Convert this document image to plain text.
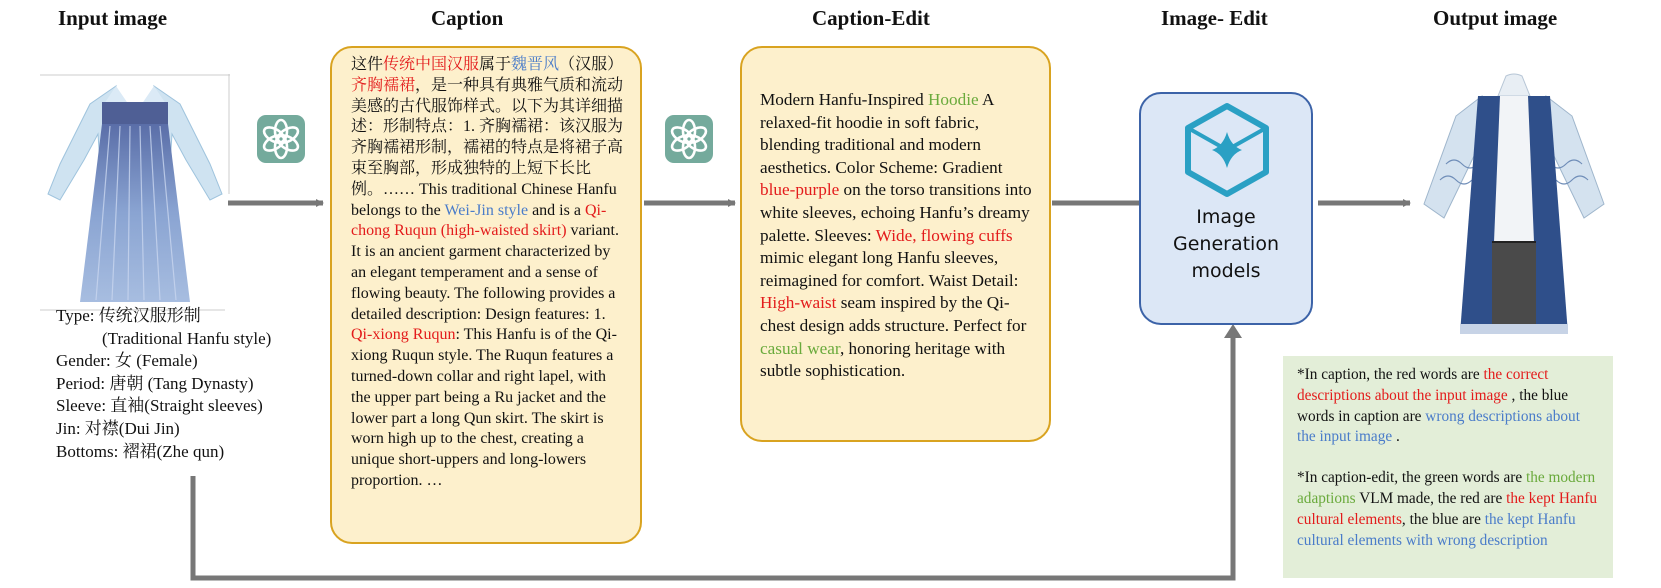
Input image	Caption	Caption-Edit	Image- Edit	Output image
Type: 传统汉服形制
(Traditional Hanfu style)
Gender: 女 (Female)
Period: 唐朝 (Tang Dynasty)
Sleeve: 直袖(Straight sleeves)
Jin: 对襟(Dui Jin)
Bottoms: 褶裙(Zhe qun)
这件传统中国汉服属于魏晋风（汉服）齐胸襦裙，是一种具有典雅气质和流动美感的古代服饰样式。以下为其详细描述：形制特点：1. 齐胸襦裙：该汉服为齐胸襦裙形制，襦裙的特点是将裙子高束至胸部，形成独特的上短下长比例。…… This traditional Chinese Hanfu belongs to the Wei-Jin style and is a Qi-chong Ruqun (high-waisted skirt) variant. It is an ancient garment characterized by an elegant temperament and a sense of flowing beauty. The following provides a detailed description: Design features: 1. Qi-xiong Ruqun: This Hanfu is of the Qi-xiong Ruqun style. The Ruqun features a turned-down collar and right lapel, with the upper part being a Ru jacket and the lower part a long Qun skirt. The skirt is worn high up to the chest, creating a unique short-uppers and long-lowers proportion. …
Modern Hanfu-Inspired Hoodie A relaxed-fit hoodie in soft fabric, blending traditional and modern aesthetics. Color Scheme: Gradient blue-purple on the torso transitions into white sleeves, echoing Hanfu’s dreamy palette. Sleeves: Wide, flowing cuffs mimic elegant long Hanfu sleeves, reimagined for comfort. Waist Detail: High-waist seam inspired by the Qi-chest design adds structure. Perfect for casual wear, honoring heritage with subtle sophistication.
Image Generation models

*In caption, the red words are the correct descriptions about the input image , the blue words in caption are wrong descriptions about the input image .

*In caption-edit, the green words are the modern adaptions VLM made, the red are the kept Hanfu cultural elements, the blue are the kept Hanfu cultural elements with wrong description
